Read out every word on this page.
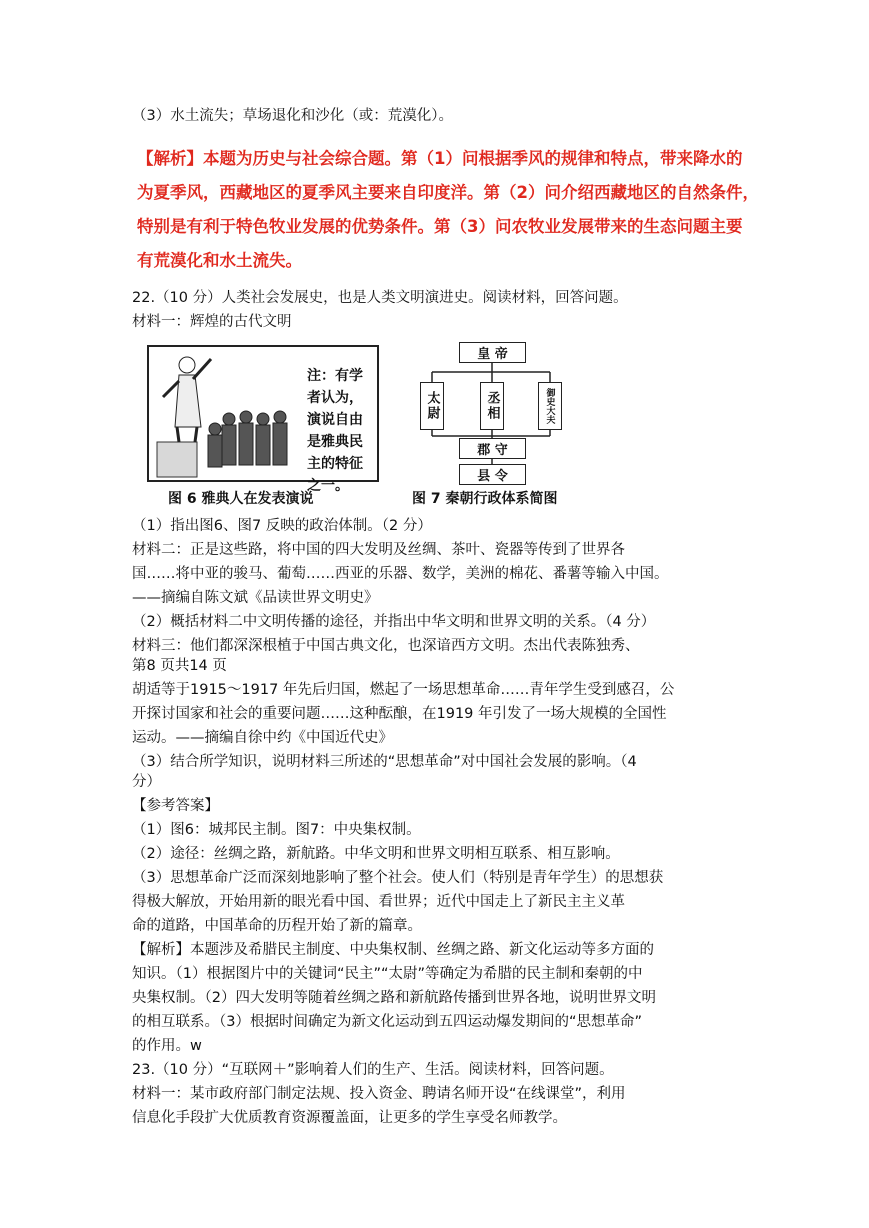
（3）水土流失；草场退化和沙化（或：荒漠化）。
【解析】本题为历史与社会综合题。第（1）问根据季风的规律和特点，带来降水的
为夏季风，西藏地区的夏季风主要来自印度洋。第（2）问介绍西藏地区的自然条件，
特别是有利于特色牧业发展的优势条件。第（3）问农牧业发展带来的生态问题主要
有荒漠化和水土流失。
22.（10 分）人类社会发展史，也是人类文明演进史。阅读材料，回答问题。
材料一：辉煌的古代文明
注：有学者认为，演说自由是雅典民主的特征之一。
图 6 雅典人在发表演说
皇 帝
太尉	丞相	御史大夫
郡 守
县 令
图 7 秦朝行政体系简图
（1）指出图6、图7 反映的政治体制。（2 分）
材料二：正是这些路，将中国的四大发明及丝绸、茶叶、瓷器等传到了世界各
国……将中亚的骏马、葡萄……西亚的乐器、数学，美洲的棉花、番薯等输入中国。
——摘编自陈文斌《品读世界文明史》
（2）概括材料二中文明传播的途径，并指出中华文明和世界文明的关系。（4 分）
材料三：他们都深深根植于中国古典文化，也深谙西方文明。杰出代表陈独秀、
第8 页共14 页
胡适等于1915～1917 年先后归国，燃起了一场思想革命……青年学生受到感召，公
开探讨国家和社会的重要问题……这种酝酿，在1919 年引发了一场大规模的全国性
运动。——摘编自徐中约《中国近代史》
（3）结合所学知识，说明材料三所述的“思想革命”对中国社会发展的影响。（4
分）
【参考答案】
（1）图6：城邦民主制。图7：中央集权制。
（2）途径：丝绸之路，新航路。中华文明和世界文明相互联系、相互影响。
（3）思想革命广泛而深刻地影响了整个社会。使人们（特别是青年学生）的思想获
得极大解放，开始用新的眼光看中国、看世界；近代中国走上了新民主主义革
命的道路，中国革命的历程开始了新的篇章。
【解析】本题涉及希腊民主制度、中央集权制、丝绸之路、新文化运动等多方面的
知识。（1）根据图片中的关键词“民主”“太尉”等确定为希腊的民主制和秦朝的中
央集权制。（2）四大发明等随着丝绸之路和新航路传播到世界各地，说明世界文明
的相互联系。（3）根据时间确定为新文化运动到五四运动爆发期间的“思想革命”
的作用。w
23.（10 分）“互联网＋”影响着人们的生产、生活。阅读材料，回答问题。
材料一：某市政府部门制定法规、投入资金、聘请名师开设“在线课堂”，利用
信息化手段扩大优质教育资源覆盖面，让更多的学生享受名师教学。
